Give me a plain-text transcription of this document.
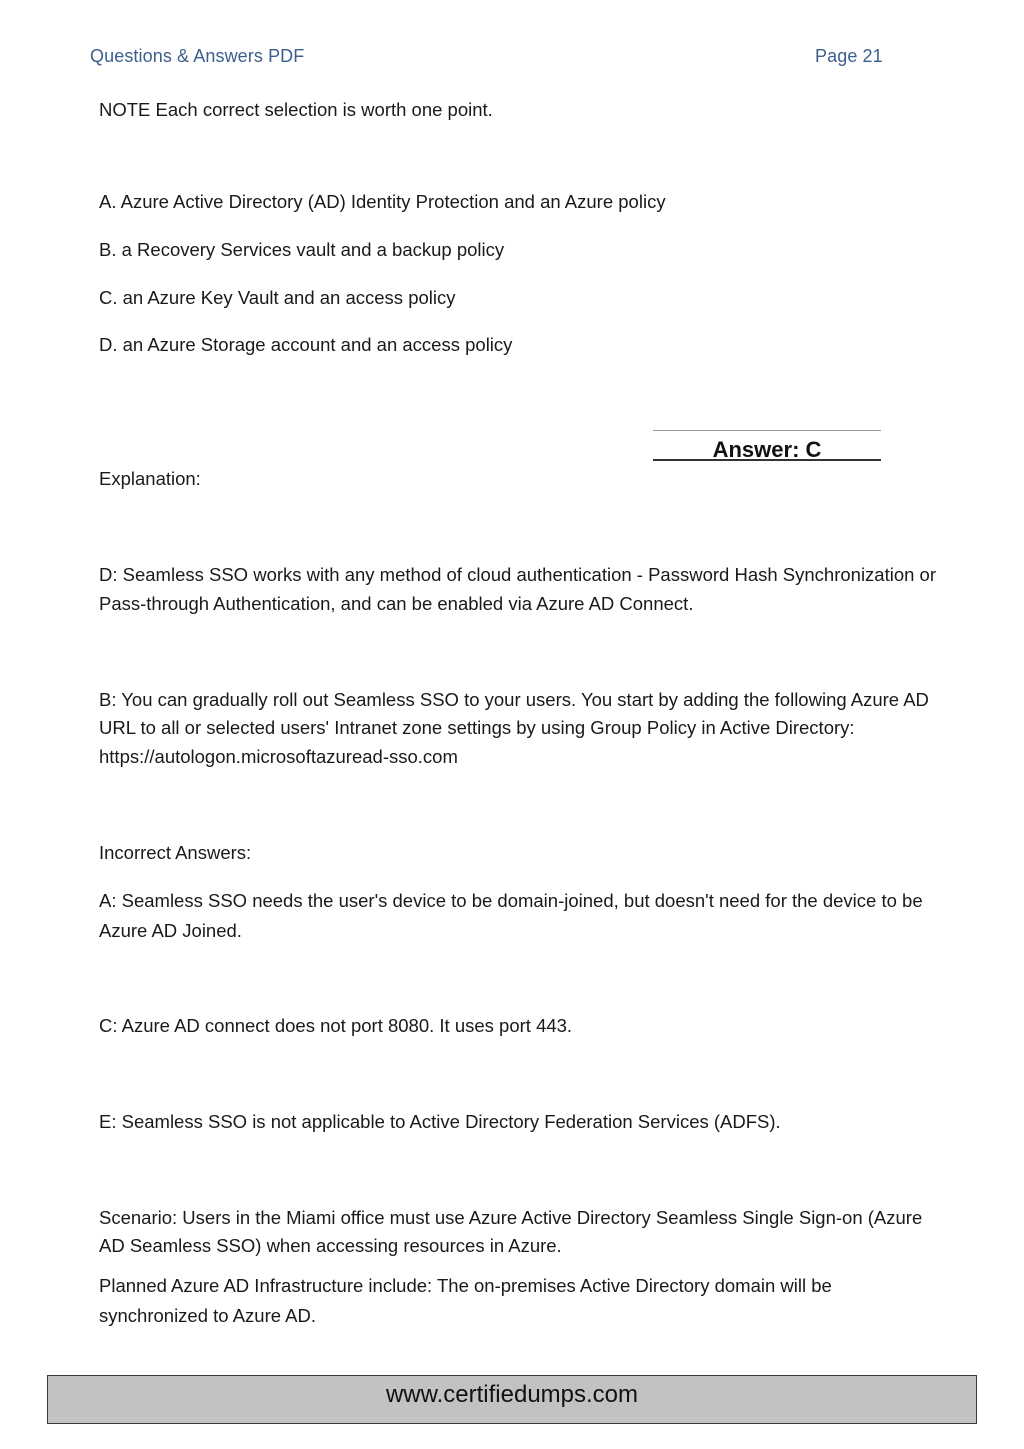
Questions & Answers PDF	Page 21

NOTE Each correct selection is worth one point.

A. Azure Active Directory (AD) Identity Protection and an Azure policy

B. a Recovery Services vault and a backup policy

C. an Azure Key Vault and an access policy

D. an Azure Storage account and an access policy

Answer: C

Explanation:

D: Seamless SSO works with any method of cloud authentication - Password Hash Synchronization or

Pass-through Authentication, and can be enabled via Azure AD Connect.

B: You can gradually roll out Seamless SSO to your users. You start by adding the following Azure AD

URL to all or selected users' Intranet zone settings by using Group Policy in Active Directory:

https://autologon.microsoftazuread-sso.com

Incorrect Answers:

A: Seamless SSO needs the user's device to be domain-joined, but doesn't need for the device to be

Azure AD Joined.

C: Azure AD connect does not port 8080. It uses port 443.

E: Seamless SSO is not applicable to Active Directory Federation Services (ADFS).

Scenario: Users in the Miami office must use Azure Active Directory Seamless Single Sign-on (Azure

AD Seamless SSO) when accessing resources in Azure.

Planned Azure AD Infrastructure include: The on-premises Active Directory domain will be

synchronized to Azure AD.

www.certifiedumps.com
